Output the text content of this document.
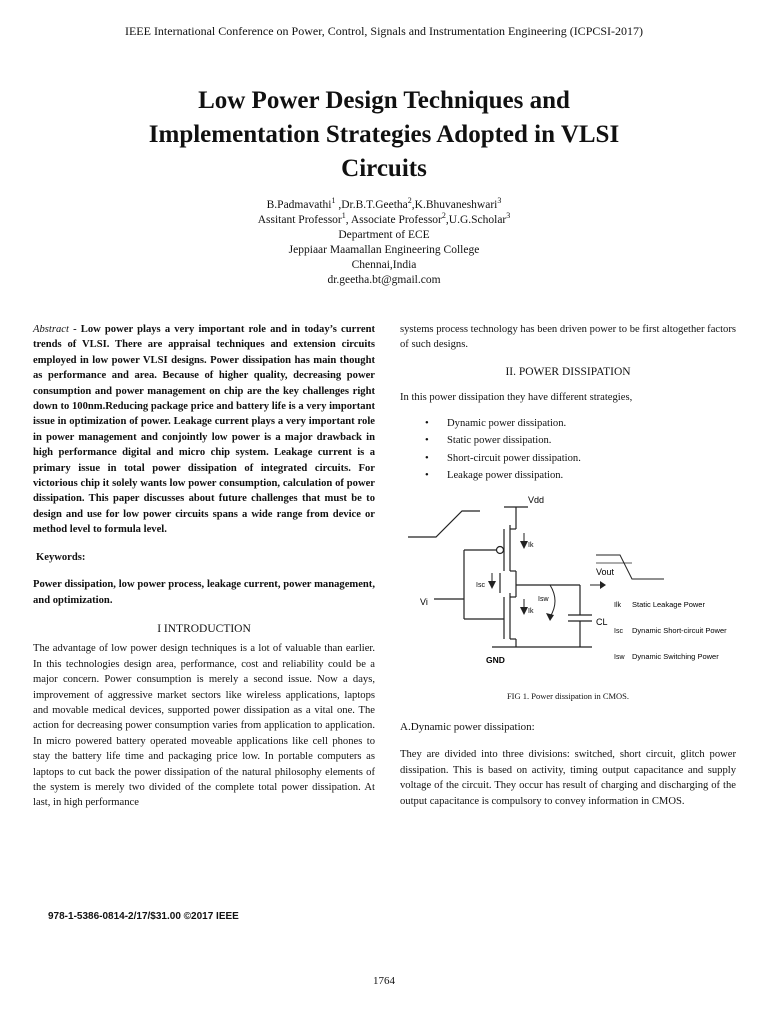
IEEE International Conference on Power, Control, Signals and Instrumentation Engineering (ICPCSI-2017)
Low Power Design Techniques and
Implementation Strategies Adopted in VLSI
Circuits
B.Padmavathi$^1$ ,Dr.B.T.Geetha$^2$,K.Bhuvaneshwari$^3$
Assitant Professor$^1$, Associate Professor$^2$,U.G.Scholar$^3$
Department of ECE
Jeppiaar Maamallan Engineering College
Chennai,India
dr.geetha.bt@gmail.com

Abstract - Low power plays a very important role and in today’s current trends of VLSI. There are appraisal techniques and extension circuits employed in low power VLSI designs. Power dissipation has main thought as performance and area. Because of higher quality, decreasing power consumption and power management on chip are the key challenges right down to 100nm.Reducing package price and battery life is a very important issue in optimization of power. Leakage current plays a very important role in power management and conjointly low power is a major drawback in high performance digital and micro chip system. Leakage current is a primary issue in total power dissipation of integrated circuits. For victorious chip it solely wants low power consumption, calculation of power dissipation. This paper discusses about future challenges that must be to design and use for low power circuits spans a wide range from device or method level to formula level.

Keywords:

Power dissipation, low power process, leakage current, power management, and optimization.

I INTRODUCTION

The advantage of low power design techniques is a lot of valuable than earlier. In this technologies design area, performance, cost and reliability could be a major concern. Power consumption is merely a second issue. Now a days, improvement of aggressive market sectors like wireless applications, laptops and movable medical devices, supported power dissipation as a vital one. The action for decreasing power consumption varies from application to application. In micro powered battery operated moveable applications like cell phones to stay the battery life time and packaging price low. In portable computers as laptops to cut back the power dissipation of the natural philosophy elements of the system is merely two divided of the complete total power dissipation. At last, in high performance

systems process technology has been driven power to be first altogether factors of such designs.

II. POWER DISSIPATION

In this power dissipation they have different strategies,

• Dynamic power dissipation.
• Static power dissipation.
• Short-circuit power dissipation.
• Leakage power dissipation.
Vdd
Vi
Vout
GND
CL
Ik
Ik
Isc
Isw
Ilk Static Leakage Power
Isc Dynamic Short-circuit Power
Isw Dynamic Switching Power
FIG 1. Power dissipation in CMOS.
A.Dynamic power dissipation:

They are divided into three divisions: switched, short circuit, glitch power dissipation. This is based on activity, timing output capacitance and supply voltage of the circuit. They occur has result of charging and discharging of the output capacitance is compulsory to convey information in CMOS.

978-1-5386-0814-2/17/$31.00 ©2017 IEEE
1764
